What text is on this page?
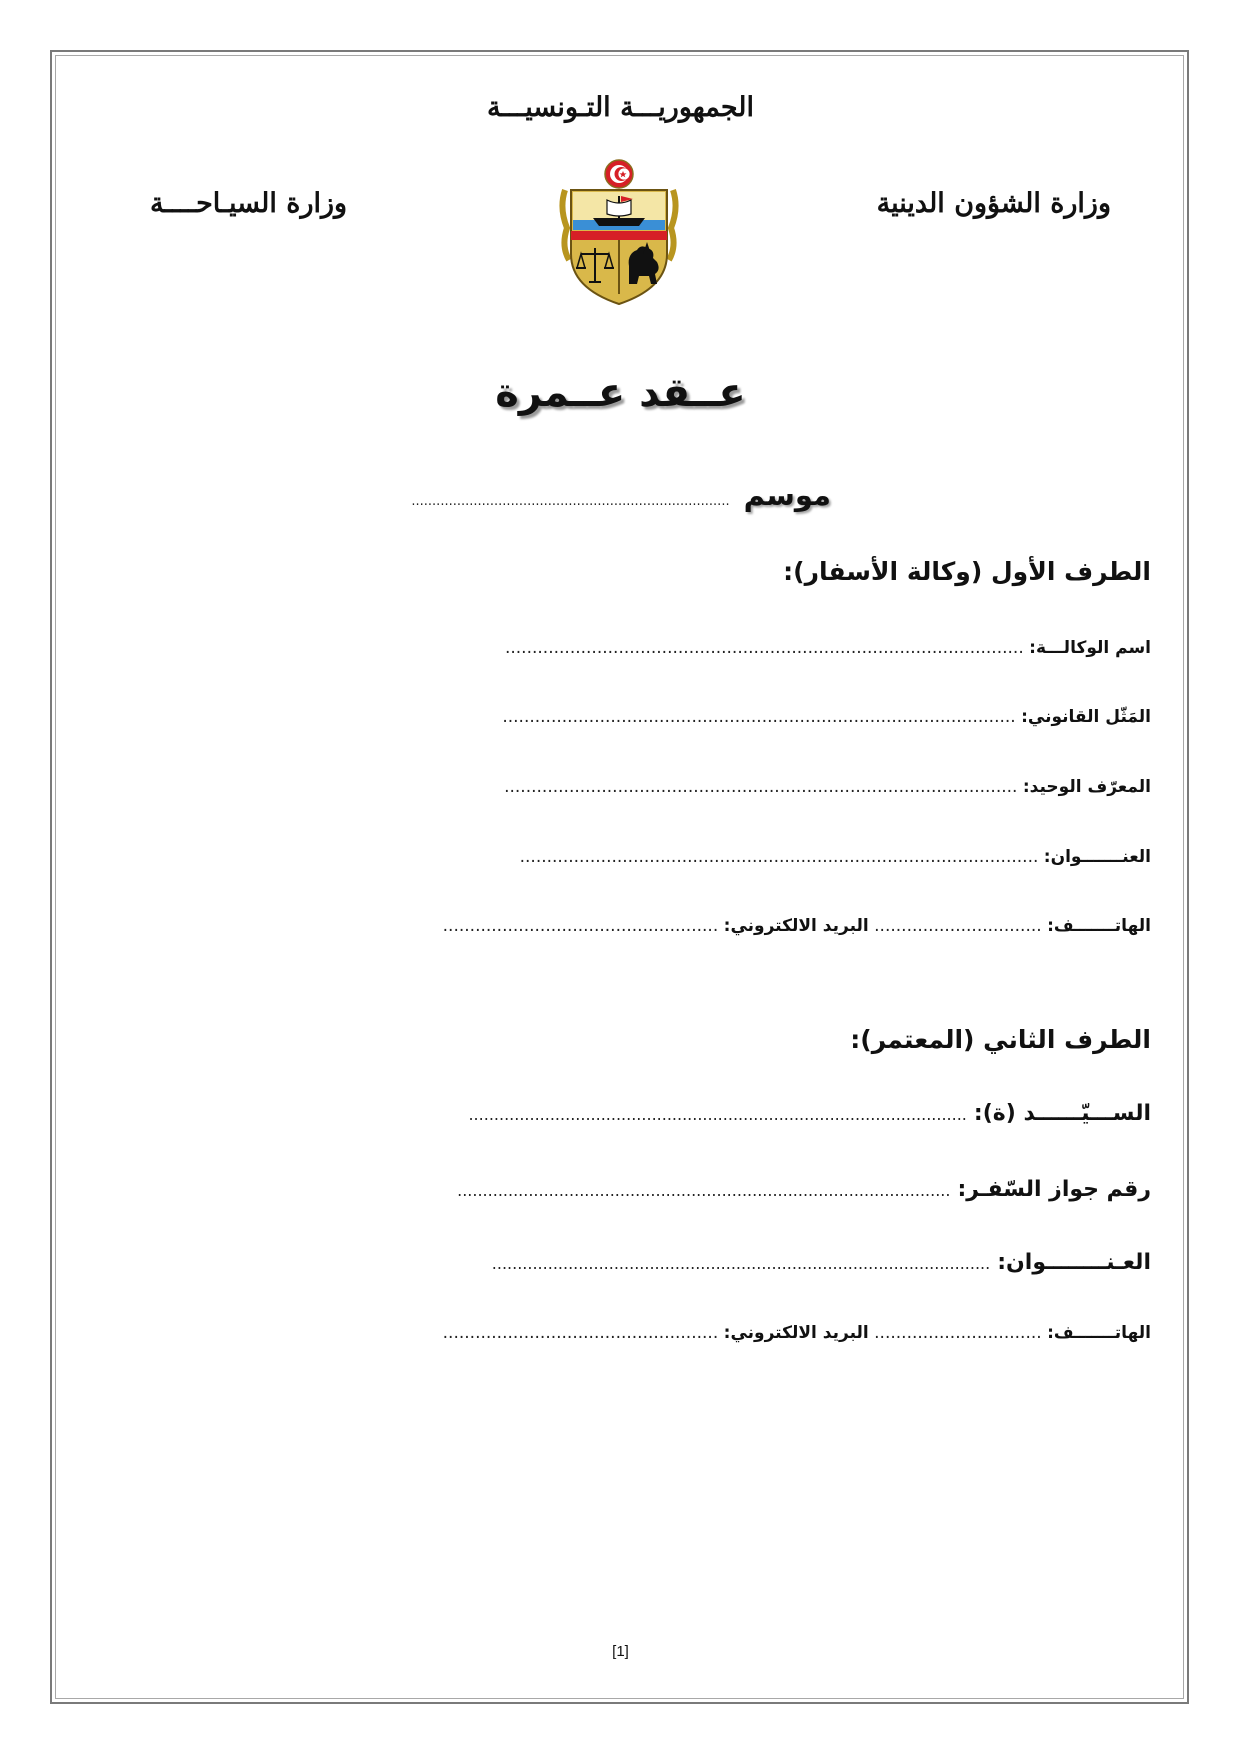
الجمهوريـــة التـونسيـــة
وزارة الشؤون الدينية
وزارة السيـاحــــة
عــقد عــمرة
موسم.............................................................................
الطرف الأول (وكالة الأسفار):
اسم الوكالـــة: ................................................................................................
المَثّل القانوني: ...............................................................................................
المعرّف الوحيد: ...............................................................................................
العنـــــــوان: ................................................................................................
الهاتـــــــف: ............................... البريد الالكتروني: ...................................................
الطرف الثاني (المعتمر):
الســـيّــــــد (ة): ..................................................................................................
رقم جواز السّفـر: .................................................................................................
العـنــــــــوان: ..................................................................................................
الهاتـــــــف: ............................... البريد الالكتروني: ...................................................
[1]
